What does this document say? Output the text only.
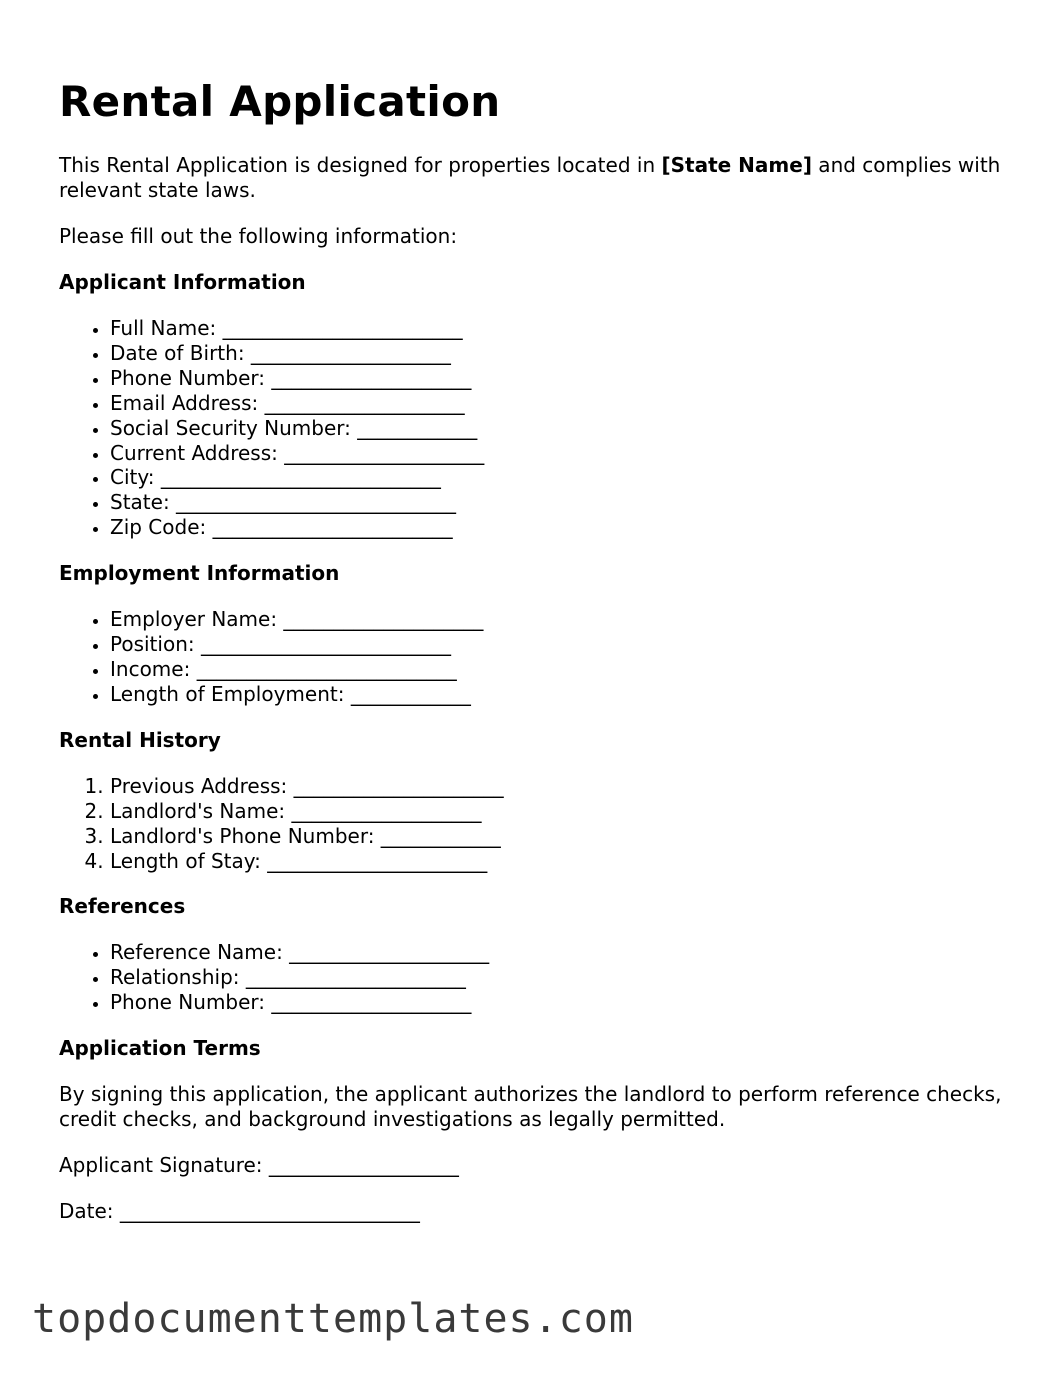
Rental Application

This Rental Application is designed for properties located in [State Name] and complies with relevant state laws.

Please fill out the following information:

Applicant Information
• Full Name: ________________________
• Date of Birth: ____________________
• Phone Number: ____________________
• Email Address: ____________________
• Social Security Number: ____________
• Current Address: ____________________
• City: ____________________________
• State: ____________________________
• Zip Code: ________________________
Employment Information
• Employer Name: ____________________
• Position: _________________________
• Income: __________________________
• Length of Employment: ____________
Rental History
1. Previous Address: _____________________
2. Landlord's Name: ___________________
3. Landlord's Phone Number: ____________
4. Length of Stay: ______________________
References
• Reference Name: ____________________
• Relationship: ______________________
• Phone Number: ____________________
Application Terms

By signing this application, the applicant authorizes the landlord to perform reference checks, credit checks, and background investigations as legally permitted.

Applicant Signature: ___________________

Date: ______________________________

topdocumenttemplates.com
